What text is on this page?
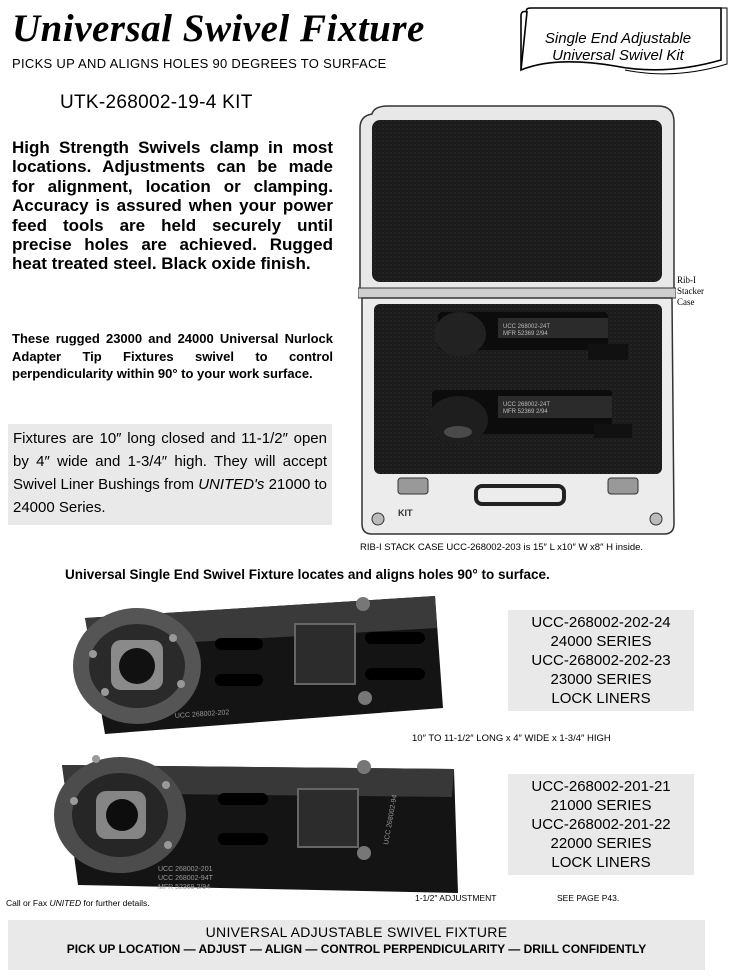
Universal Swivel Fixture
PICKS UP AND ALIGNS HOLES 90 DEGREES TO SURFACE
Single End Adjustable Universal Swivel Kit
UTK-268002-19-4 KIT
High Strength Swivels clamp in most locations. Adjustments can be made for alignment, location or clamping. Accuracy is assured when your power feed tools are held securely until precise holes are achieved. Rugged heat treated steel. Black oxide finish.
These rugged 23000 and 24000 Universal Nurlock Adapter Tip Fixtures swivel to control perpendicularity within 90° to your work surface.
Fixtures are 10″ long closed and 11-1/2″ open by 4″ wide and 1-3/4″ high. They will accept Swivel Liner Bushings from UNITED's 21000 to 24000 Series.
UCC 268002-24T
MFR 52369 2/94
UCC 268002-24T
MFR 52369 2/94
KIT
Rib-I
Stacker
Case
RIB-I STACK CASE UCC-268002-203 is 15″ L x10″ W x8″ H inside.
Universal Single End Swivel Fixture locates and aligns holes 90° to surface.
UCC 268002-202
UCC 268002-201
UCC 268002-94T
MFR 52369 2/94
UCC 268002-94
UCC-268002-202-24
24000 SERIES
UCC-268002-202-23
23000 SERIES
LOCK LINERS
UCC-268002-201-21
21000 SERIES
UCC-268002-201-22
22000 SERIES
LOCK LINERS
10″ TO 11-1/2″ LONG x 4″ WIDE x 1-3/4″ HIGH
Call or Fax UNITED for further details.	1-1/2″ ADJUSTMENT	SEE PAGE P43.
UNIVERSAL ADJUSTABLE SWIVEL FIXTURE
PICK UP LOCATION — ADJUST — ALIGN — CONTROL PERPENDICULARITY — DRILL CONFIDENTLY
